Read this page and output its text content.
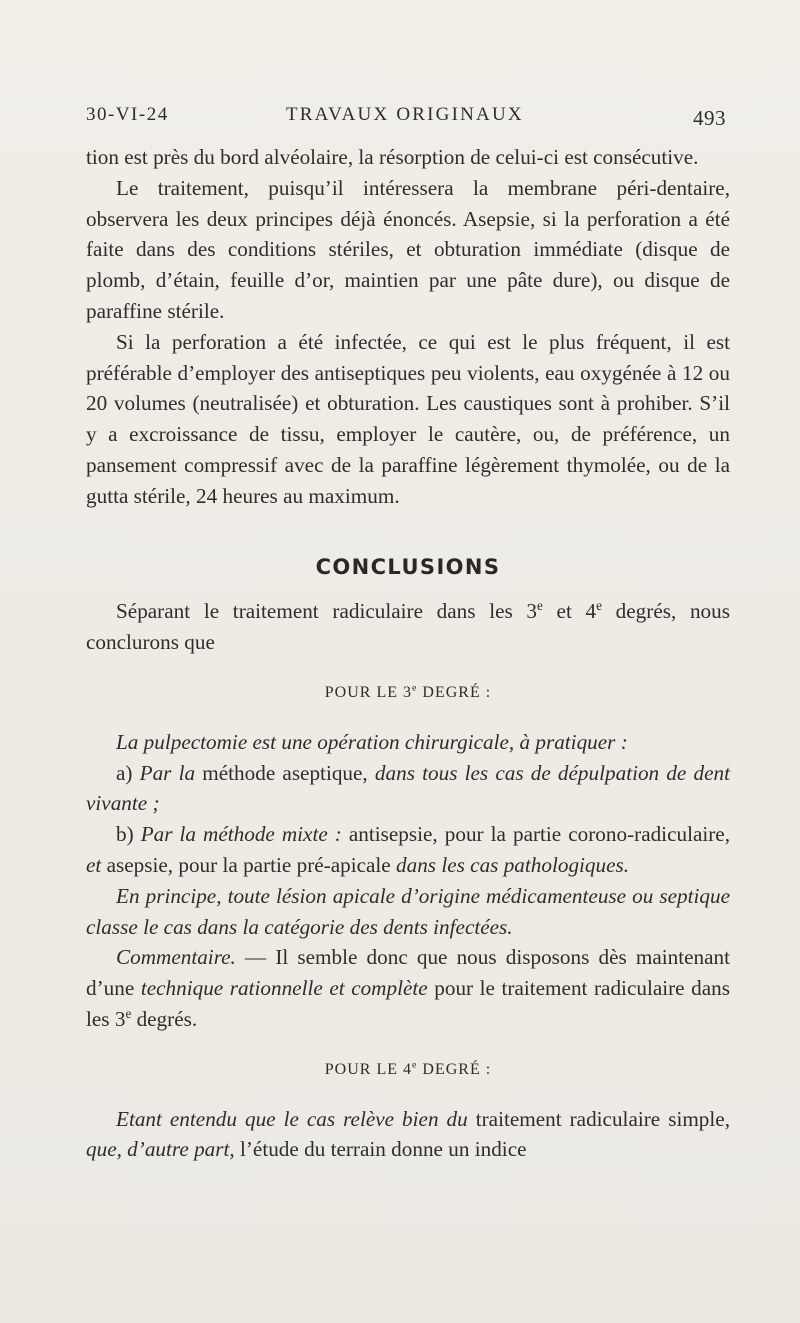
30-VI-24	TRAVAUX ORIGINAUX	493

tion est près du bord alvéolaire, la résorption de celui-ci est consécutive.

Le traitement, puisqu’il intéressera la membrane péri-dentaire, observera les deux principes déjà énoncés. Asepsie, si la perforation a été faite dans des conditions stériles, et obturation immédiate (disque de plomb, d’étain, feuille d’or, maintien par une pâte dure), ou disque de paraffine stérile.

Si la perforation a été infectée, ce qui est le plus fréquent, il est préférable d’employer des antiseptiques peu violents, eau oxygénée à 12 ou 20 volumes (neutralisée) et obturation. Les caustiques sont à prohiber. S’il y a excroissance de tissu, employer le cautère, ou, de préférence, un pansement compressif avec de la paraffine légèrement thymolée, ou de la gutta stérile, 24 heures au maximum.

CONCLUSIONS

Séparant le traitement radiculaire dans les 3e et 4e degrés, nous conclurons que

POUR LE 3e DEGRÉ :

La pulpectomie est une opération chirurgicale, à pratiquer :

a) Par la méthode aseptique, dans tous les cas de dépulpation de dent vivante ;

b) Par la méthode mixte : antisepsie, pour la partie corono-radiculaire, et asepsie, pour la partie pré-apicale dans les cas pathologiques.

En principe, toute lésion apicale d’origine médicamenteuse ou septique classe le cas dans la catégorie des dents infectées.

Commentaire. — Il semble donc que nous disposons dès maintenant d’une technique rationnelle et complète pour le traitement radiculaire dans les 3e degrés.

POUR LE 4e DEGRÉ :

Etant entendu que le cas relève bien du traitement radiculaire simple, que, d’autre part, l’étude du terrain donne un indice
